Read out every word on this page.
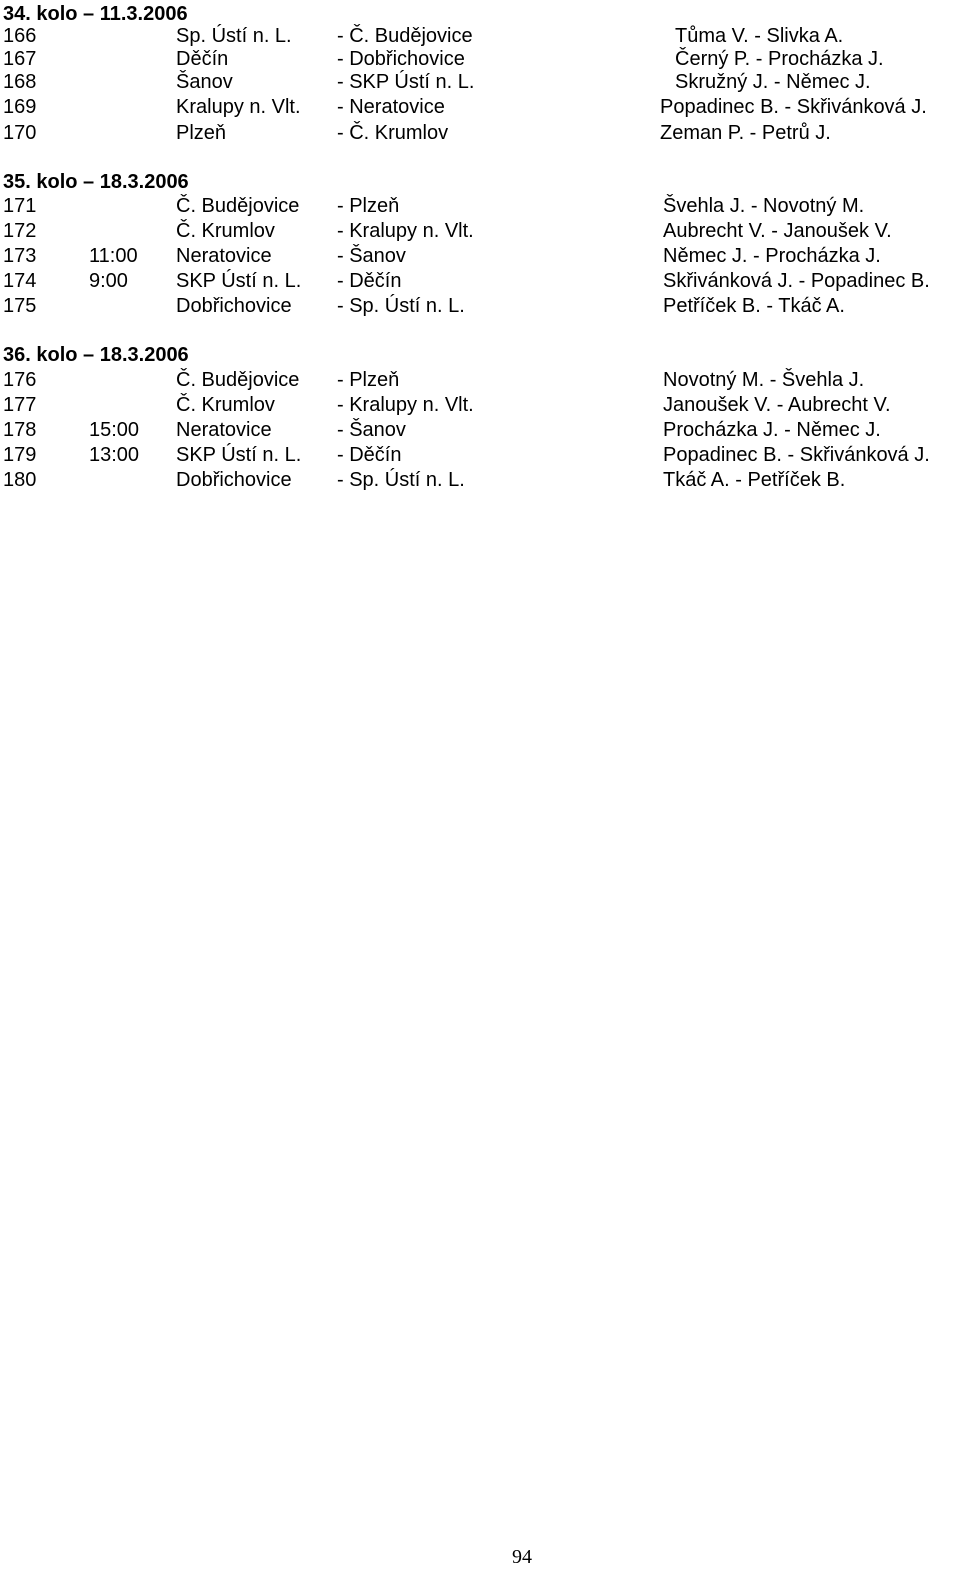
34. kolo – 11.3.2006
166	Sp. Ústí n. L. - Č. Budějovice	Tůma V. - Slivka A.
167	Děčín	- Dobřichovice	Černý P. - Procházka J.
168	Šanov	- SKP Ústí n. L.	Skružný J. - Němec J.
169	Kralupy n. Vlt. - Neratovice	Popadinec B. - Skřivánková J.
170	Plzeň	- Č. Krumlov	Zeman P. - Petrů J.
35. kolo – 18.3.2006
171	Č. Budějovice - Plzeň	Švehla J. - Novotný M.
172	Č. Krumlov	- Kralupy n. Vlt.	Aubrecht V. - Janoušek V.
173	11:00 Neratovice	- Šanov	Němec J. - Procházka J.
174	9:00 SKP Ústí n. L. - Děčín	Skřivánková J. - Popadinec B.
175	Dobřichovice - Sp. Ústí n. L.	Petříček B. - Tkáč A.
36. kolo – 18.3.2006
176	Č. Budějovice - Plzeň	Novotný M. - Švehla J.
177	Č. Krumlov	- Kralupy n. Vlt.	Janoušek V. - Aubrecht V.
178	15:00 Neratovice	- Šanov	Procházka J. - Němec J.
179	13:00 SKP Ústí n. L. - Děčín	Popadinec B. - Skřivánková J.
180	Dobřichovice - Sp. Ústí n. L.	Tkáč A. - Petříček B.
94
